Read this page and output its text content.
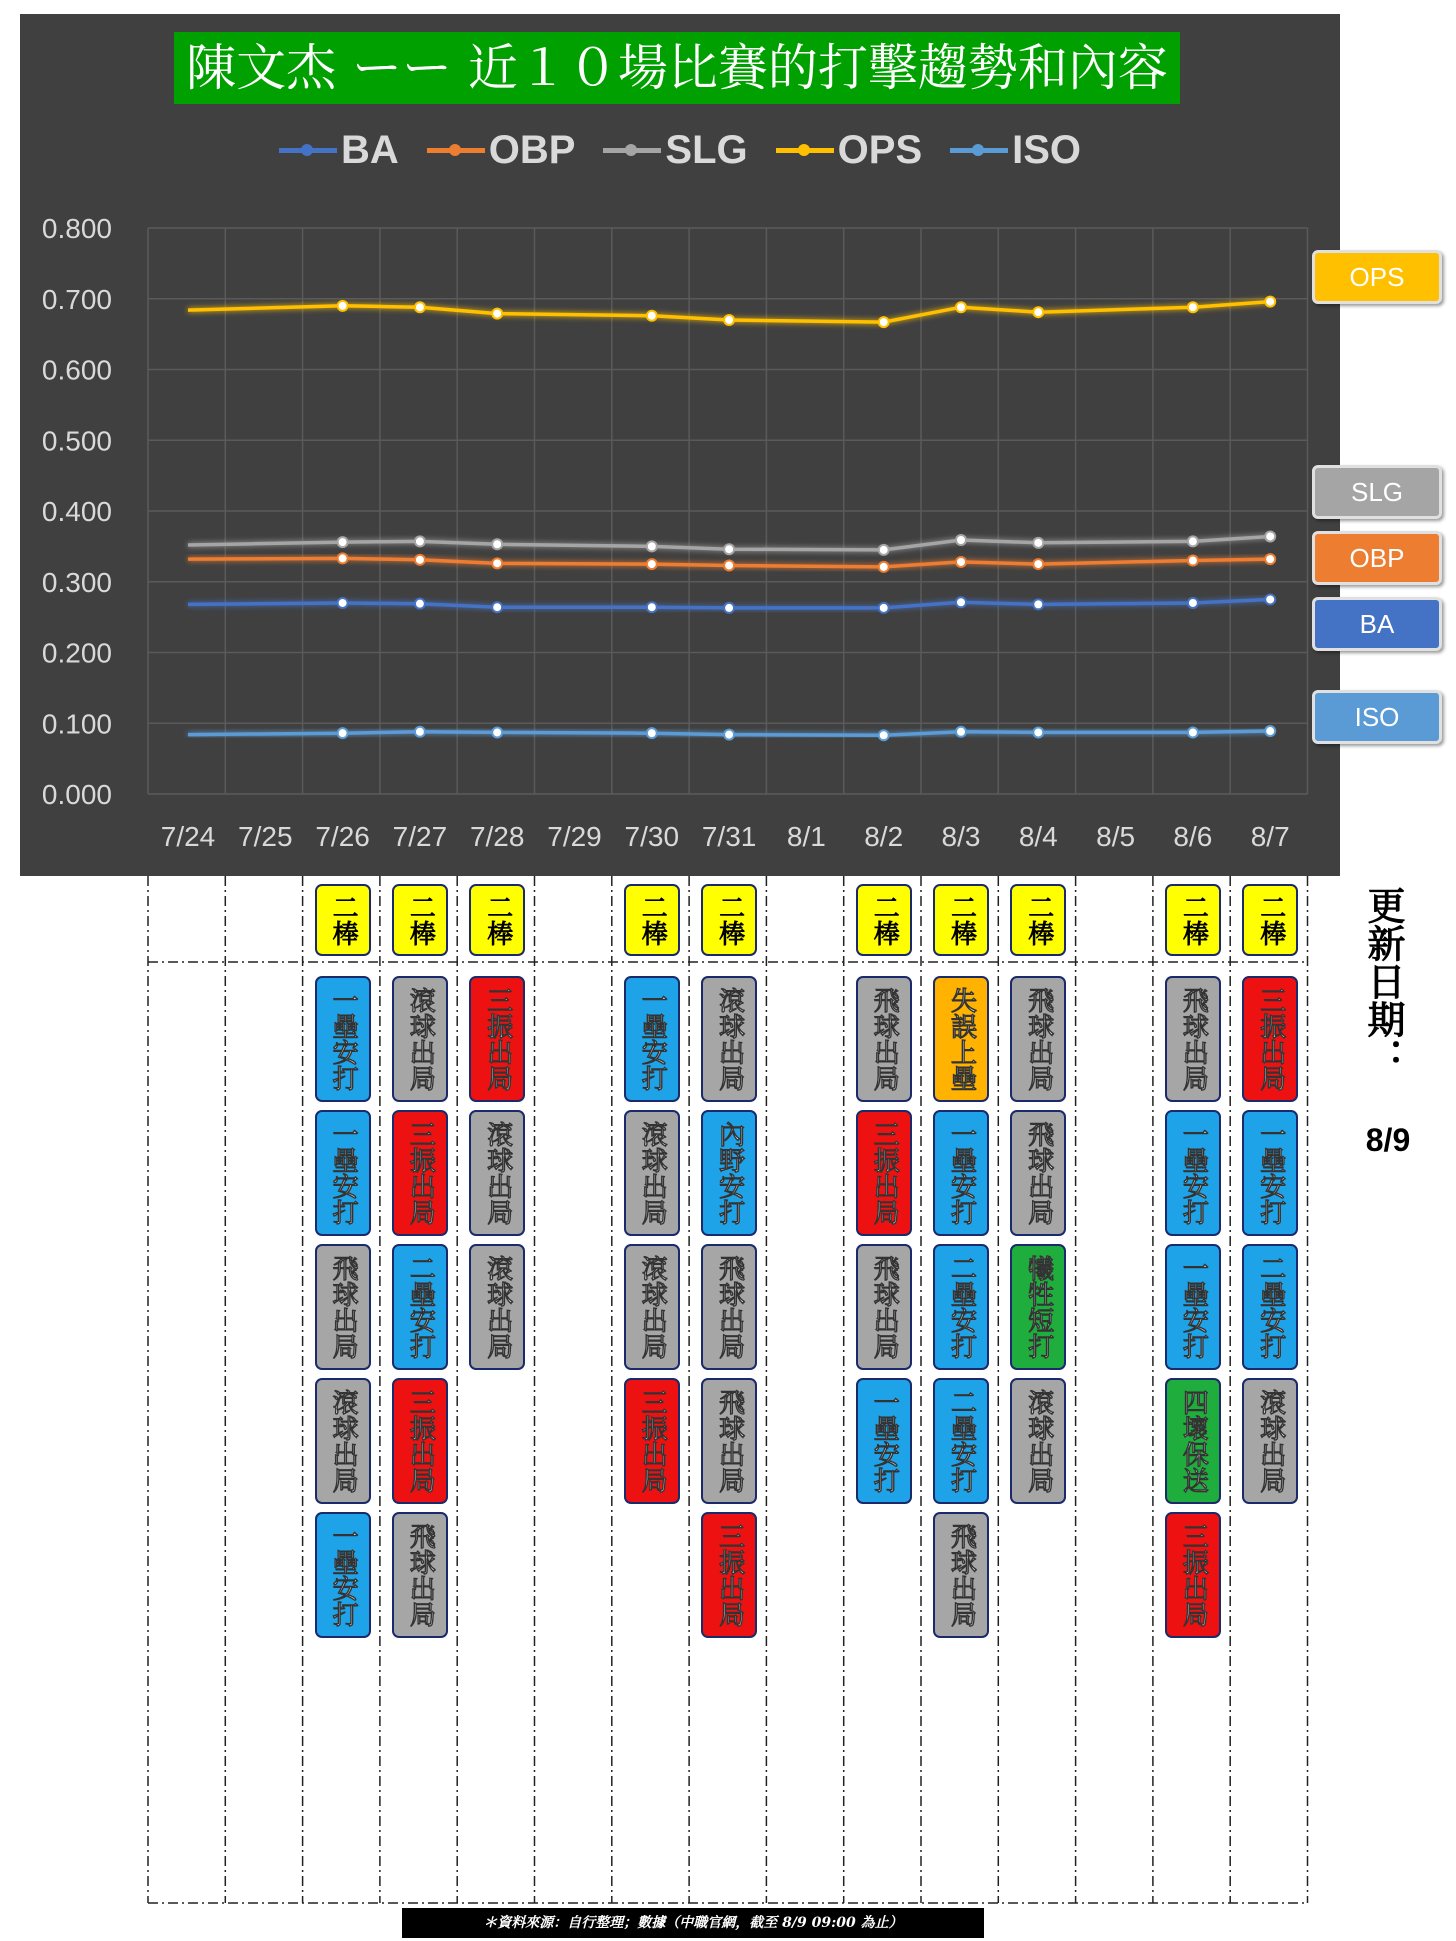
陳文杰 ーー 近１０場比賽的打擊趨勢和內容
BA OBP SLG OPS ISO
0.000
0.100
0.200
0.300
0.400
0.500
0.600
0.700
0.800
7/24 7/25 7/26 7/27 7/28 7/29 7/30 7/31 8/1 8/2 8/3 8/4 8/5 8/6 8/7
OPS
SLG
OBP
BA
ISO
二棒
一壘安打
一壘安打
飛球出局
滾球出局
一壘安打
二棒
滾球出局
三振出局
二壘安打
三振出局
飛球出局
二棒
三振出局
滾球出局
滾球出局
二棒
一壘安打
滾球出局
滾球出局
三振出局
二棒
滾球出局
內野安打
飛球出局
飛球出局
三振出局
二棒
飛球出局
三振出局
飛球出局
一壘安打
二棒
失誤上壘
一壘安打
二壘安打
二壘安打
飛球出局
二棒
飛球出局
飛球出局
犧牲短打
滾球出局
二棒
飛球出局
一壘安打
一壘安打
四壞保送
三振出局
二棒
三振出局
一壘安打
二壘安打
滾球出局
更新日期：
8/9
＊資料來源：自行整理；數據（中職官網，截至 8/9 09:00 為止）
